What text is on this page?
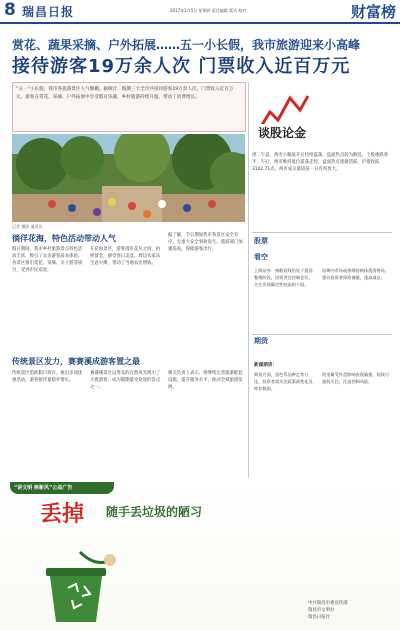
8 瑞昌日报	2017年1月5日 星期四 责任编辑 版式 校对	财富榜
赏花、蔬果采摘、户外拓展……五一小长假，我市旅游迎来小高峰
接待游客19万余人次 门票收入近百万元
“五一”小长假，我市各旅游景区人气爆棚。据统计，假期三天全市共接待游客19万余人次，门票收入近百万元。游客在赏花、采摘、户外拓展中享受假日乐趣，乡村旅游持续升温，带动了消费增长。
记者 摄影 通讯员
谈股论金
周二午盘，两市小幅低开后持续震荡，盘面热点较为散乱。个股涨跌各半，午后，两市维持低位震荡走势，盘面热点逐渐活跃，沪指收报3142.71点。两市成交量较前一日有所放大。
徜徉花海，特色活动带动人气
假日期间，我市乡村旅游景点特色活动丰富，吸引了众多游客前来体验。各景区推出赏花、采摘、亲子游等项目，受到市民欢迎。
在花海景区，游客漫步花丛之间，拍照留念，感受春日美景。周边农家乐生意火爆，带动了当地农民增收。
据了解，节日期间我市各景区安全有序，无重大安全事故发生。旅游部门加强巡查，保障游客出行。
传统景区发力，赛赛溪成游客置之最
传统景区借助假日效应，推出多项优惠活动，游客接待量稳步增长。
赛赛溪景区以秀美的自然风光吸引了大批游客，成为假期最受欢迎的景点之一。
相关负责人表示，将继续完善旅游配套设施，提升服务水平，推动全域旅游发展。
股票
看空
上海证券：指数短线仍处于震荡整理阶段，投资者宜控制仓位，关注业绩确定性较高的个股。
短期内市场或将维持箱体震荡格局，建议投资者保持谨慎，逢高减仓。
期货
新湖期货：
期货方面，黑色系品种走势分化，投资者需关注政策面变化及库存数据。
贵金属受外盘影响表现偏强，短线可逢低关注，注意控制风险。
“讲文明 树新风”公益广告
丢掉 随手丢垃圾的陋习
中共瑞昌市委宣传部
瑞昌市文明办
瑞昌日报社
